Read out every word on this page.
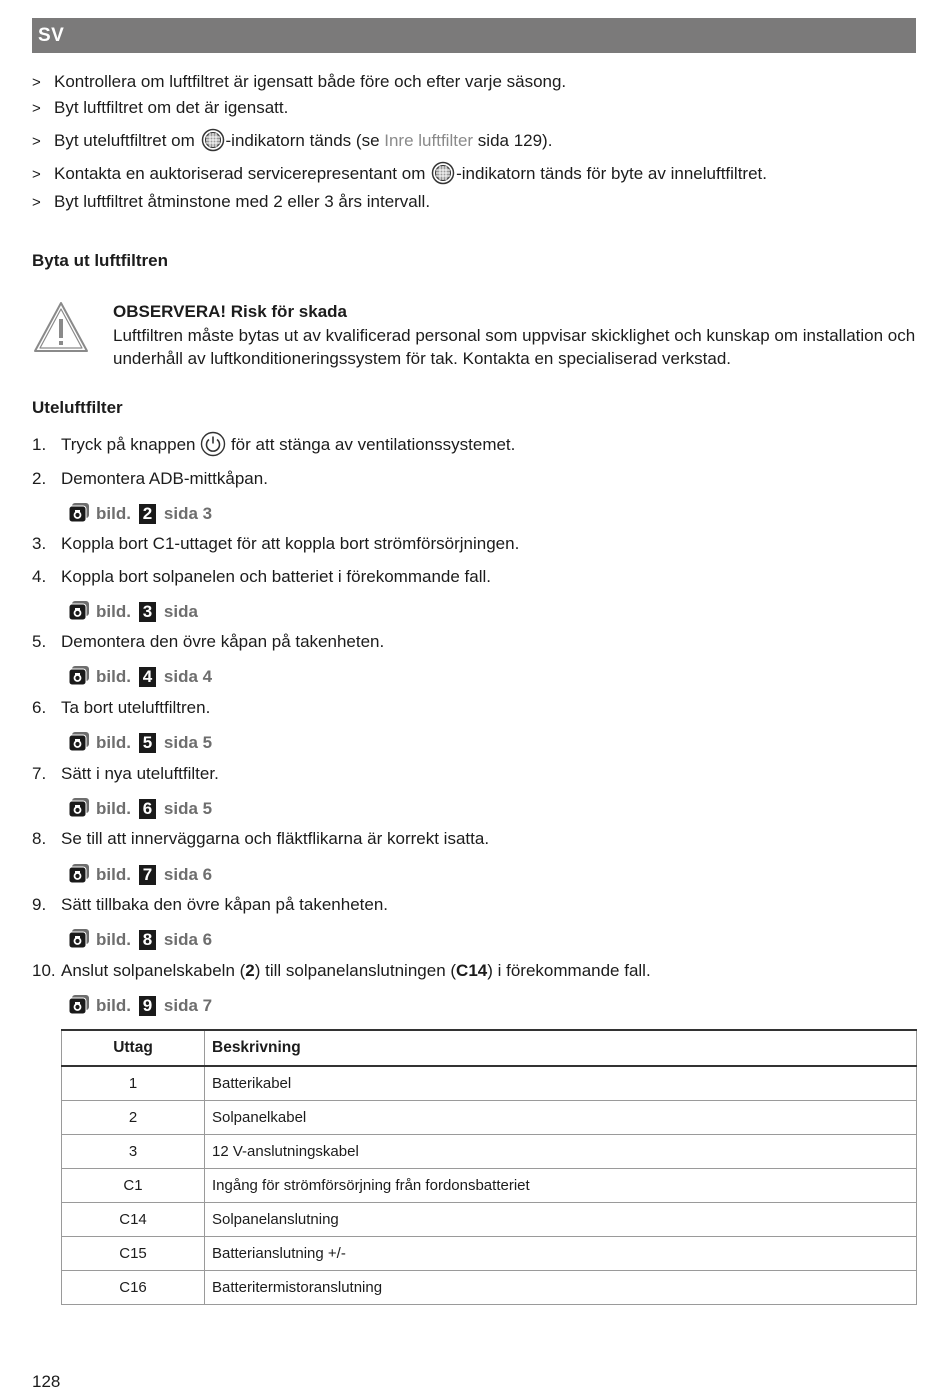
SV
> Kontrollera om luftfiltret är igensatt både före och efter varje säsong.
> Byt luftfiltret om det är igensatt.
> Byt uteluftfiltret om -indikatorn tänds (se Inre luftfilter sida 129).
> Kontakta en auktoriserad servicerepresentant om -indikatorn tänds för byte av inneluftfiltret.
> Byt luftfiltret åtminstone med 2 eller 3 års intervall.
Byta ut luftfiltren
OBSERVERA! Risk för skada
Luftfiltren måste bytas ut av kvalificerad personal som uppvisar skicklighet och kunskap om installation och underhåll av luftkonditioneringssystem för tak. Kontakta en specialiserad verkstad.
Uteluftfilter
1. Tryck på knappen  för att stänga av ventilationssystemet.
2. Demontera ADB-mittkåpan.
bild. 2 sida 3
3. Koppla bort C1-uttaget för att koppla bort strömförsörjningen.
4. Koppla bort solpanelen och batteriet i förekommande fall.
bild. 3 sida
5. Demontera den övre kåpan på takenheten.
bild. 4 sida 4
6. Ta bort uteluftfiltren.
bild. 5 sida 5
7. Sätt i nya uteluftfilter.
bild. 6 sida 5
8. Se till att innerväggarna och fläktflikarna är korrekt isatta.
bild. 7 sida 6
9. Sätt tillbaka den övre kåpan på takenheten.
bild. 8 sida 6
10. Anslut solpanelskabeln (2) till solpanelanslutningen (C14) i förekommande fall.
bild. 9 sida 7
Uttag	Beskrivning
1	Batterikabel
2	Solpanelkabel
3	12 V-anslutningskabel
C1	Ingång för strömförsörjning från fordonsbatteriet
C14	Solpanelanslutning
C15	Batterianslutning +/-
C16	Batteritermistoranslutning
128
